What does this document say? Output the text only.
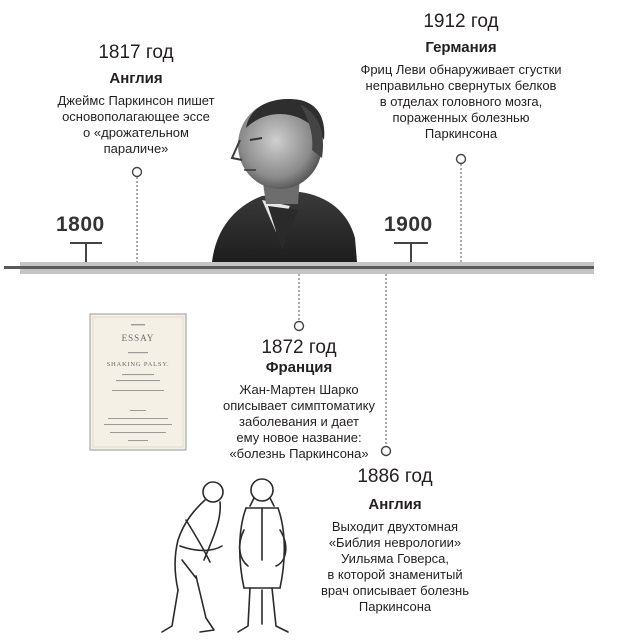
1800	1900
1817 год
Англия
Джеймс Паркинсон пишет
основополагающее эссе
о «дрожательном
параличе»
1912 год
Германия
Фриц Леви обнаруживает сгустки
неправильно свернутых белков
в отделах головного мозга,
пораженных болезнью
Паркинсона
1872 год
Франция
Жан-Мартен Шарко
описывает симптоматику
заболевания и дает
ему новое название:
«болезнь Паркинсона»
1886 год
Англия
Выходит двухтомная
«Библия неврологии»
Уильяма Говерса,
в которой знаменитый
врач описывает болезнь
Паркинсона
ESSAY
SHAKING PALSY.
